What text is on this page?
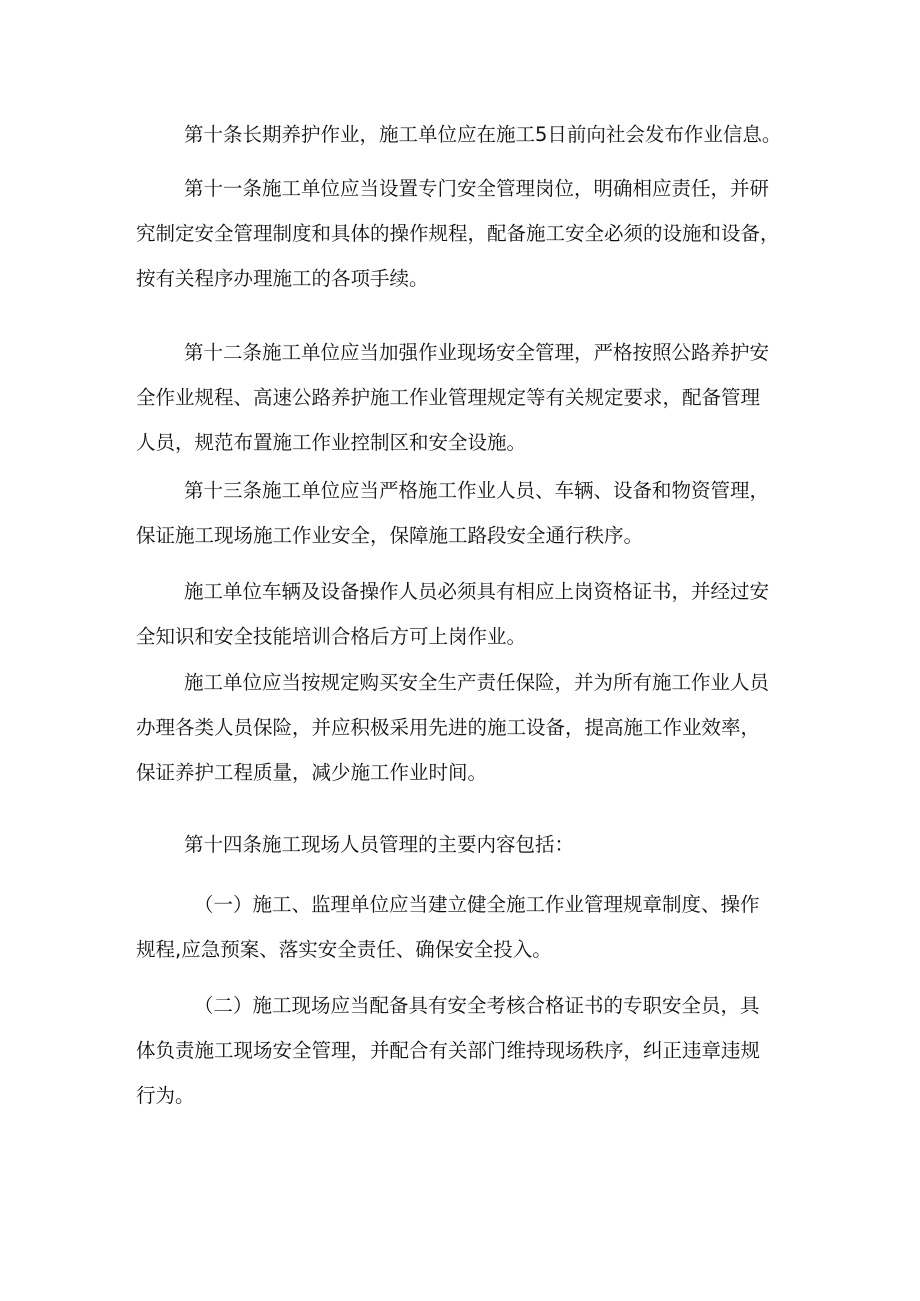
第十条长期养护作业，施工单位应在施工5日前向社会发布作业信息。

第十一条施工单位应当设置专门安全管理岗位，明确相应责任，并研
究制定安全管理制度和具体的操作规程，配备施工安全必须的设施和设备，
按有关程序办理施工的各项手续。

第十二条施工单位应当加强作业现场安全管理，严格按照公路养护安
全作业规程、高速公路养护施工作业管理规定等有关规定要求，配备管理
人员，规范布置施工作业控制区和安全设施。

第十三条施工单位应当严格施工作业人员、车辆、设备和物资管理，
保证施工现场施工作业安全，保障施工路段安全通行秩序。

施工单位车辆及设备操作人员必须具有相应上岗资格证书，并经过安
全知识和安全技能培训合格后方可上岗作业。

施工单位应当按规定购买安全生产责任保险，并为所有施工作业人员
办理各类人员保险，并应积极采用先进的施工设备，提高施工作业效率，
保证养护工程质量，减少施工作业时间。

第十四条施工现场人员管理的主要内容包括：

（一）施工、监理单位应当建立健全施工作业管理规章制度、操作
规程,应急预案、落实安全责任、确保安全投入。

（二）施工现场应当配备具有安全考核合格证书的专职安全员，具
体负责施工现场安全管理，并配合有关部门维持现场秩序，纠正违章违规
行为。
